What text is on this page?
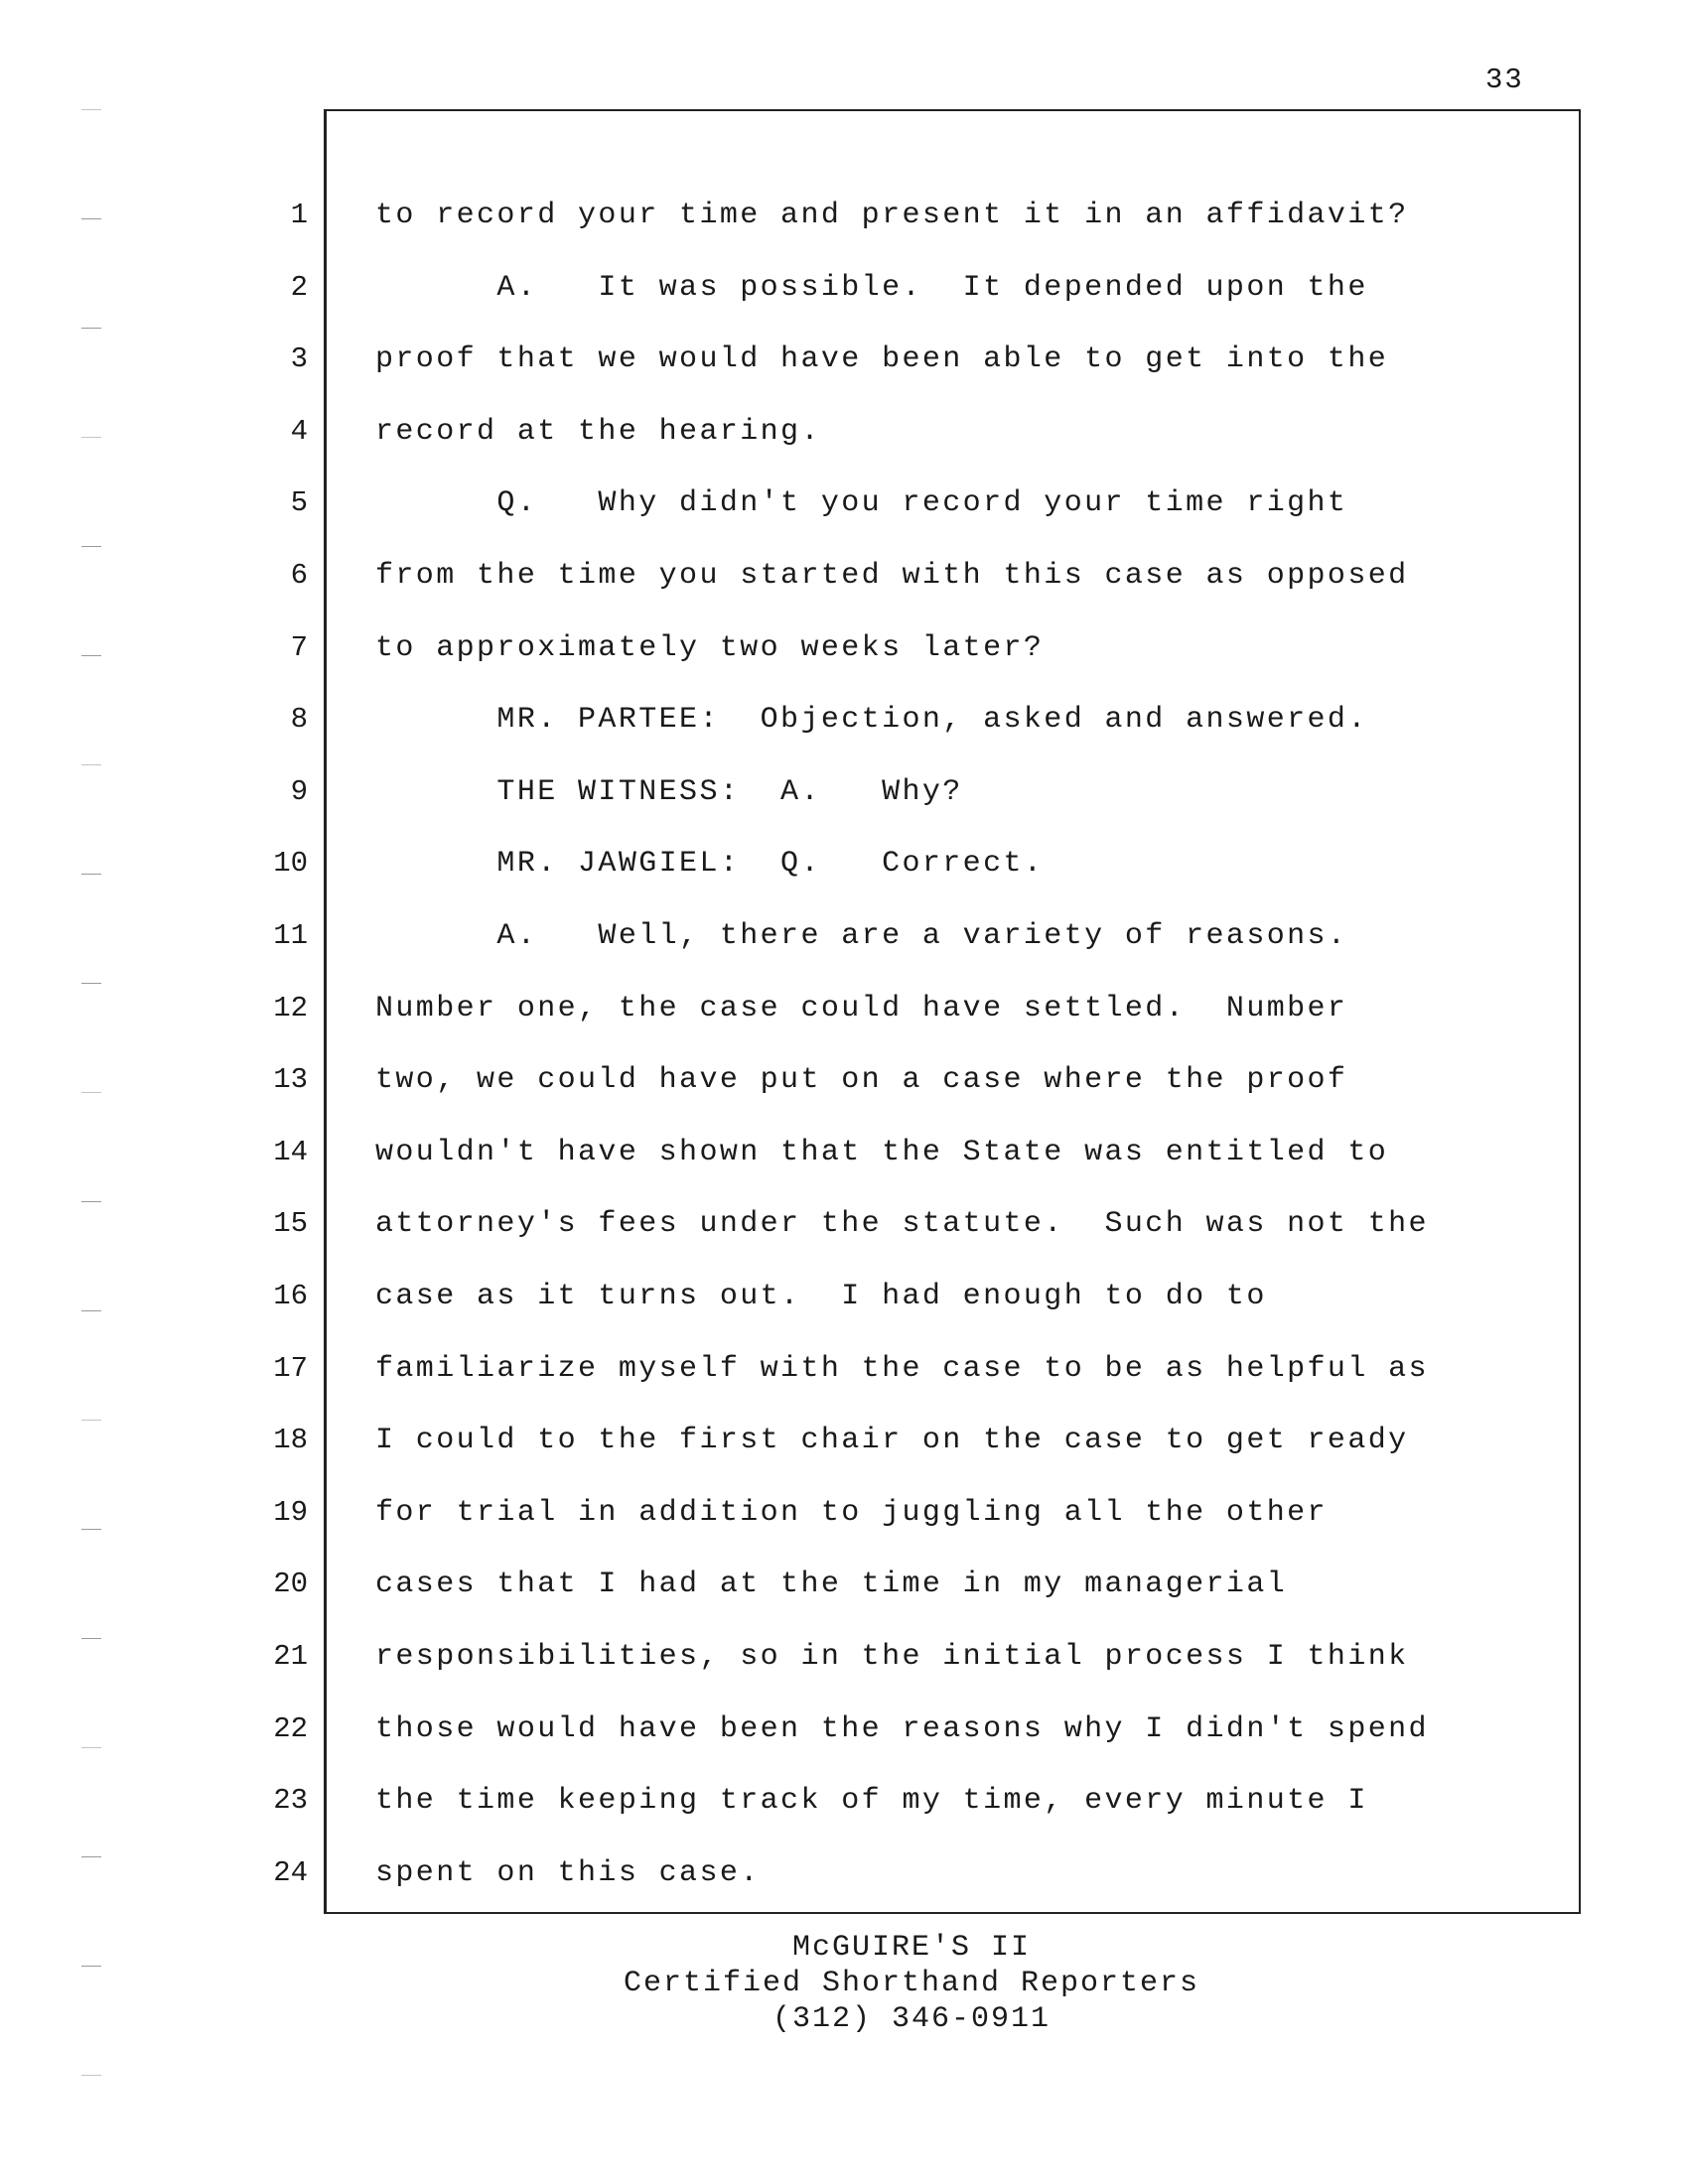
33
1
2
3
4
5
6
7
8
9
10
11
12
13
14
15
16
17
18
19
20
21
22
23
24
to record your time and present it in an affidavit?
A.   It was possible.  It depended upon the
proof that we would have been able to get into the
record at the hearing.
Q.   Why didn't you record your time right
from the time you started with this case as opposed
to approximately two weeks later?
MR. PARTEE:  Objection, asked and answered.
THE WITNESS:  A.   Why?
MR. JAWGIEL:  Q.   Correct.
A.   Well, there are a variety of reasons.
Number one, the case could have settled.  Number
two, we could have put on a case where the proof
wouldn't have shown that the State was entitled to
attorney's fees under the statute.  Such was not the
case as it turns out.  I had enough to do to
familiarize myself with the case to be as helpful as
I could to the first chair on the case to get ready
for trial in addition to juggling all the other
cases that I had at the time in my managerial
responsibilities, so in the initial process I think
those would have been the reasons why I didn't spend
the time keeping track of my time, every minute I
spent on this case.
McGUIRE'S II
Certified Shorthand Reporters
(312) 346-0911
